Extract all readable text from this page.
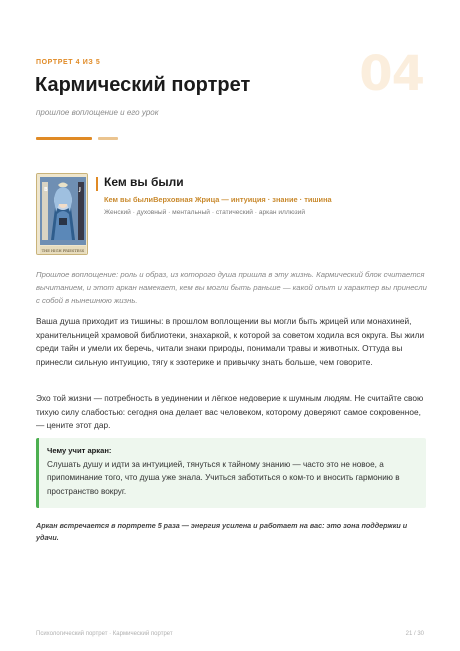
04
ПОРТРЕТ 4 ИЗ 5
Кармический портрет
прошлое воплощение и его урок
B	J
THE HIGH PRIESTESS
Кем вы были
Кем вы былиВерховная Жрица — интуиция · знание · тишина
Женский · духовный · ментальный · статический · аркан иллюзий

Прошлое воплощение: роль и образ, из которого душа пришла в эту жизнь. Кармический блок считается вычитанием, и этот аркан намекает, кем вы могли быть раньше — какой опыт и характер вы принесли с собой в нынешнюю жизнь.

Ваша душа приходит из тишины: в прошлом воплощении вы могли быть жрицей или монахиней, хранительницей храмовой библиотеки, знахаркой, к которой за советом ходила вся округа. Вы жили среди тайн и умели их беречь, читали знаки природы, понимали травы и животных. Оттуда вы принесли сильную интуицию, тягу к эзотерике и привычку знать больше, чем говорите.

Эхо той жизни — потребность в уединении и лёгкое недоверие к шумным людям. Не считайте свою тихую силу слабостью: сегодня она делает вас человеком, которому доверяют самое сокровенное, — цените этот дар.

Чему учит аркан:
Слушать душу и идти за интуицией, тянуться к тайному знанию — часто это не новое, а припоминание того, что душа уже знала. Учиться заботиться о ком-то и вносить гармонию в пространство вокруг.

Аркан встречается в портрете 5 раза — энергия усилена и работает на вас: это зона поддержки и удачи.

Психологический портрет · Кармический портрет	21 / 30
